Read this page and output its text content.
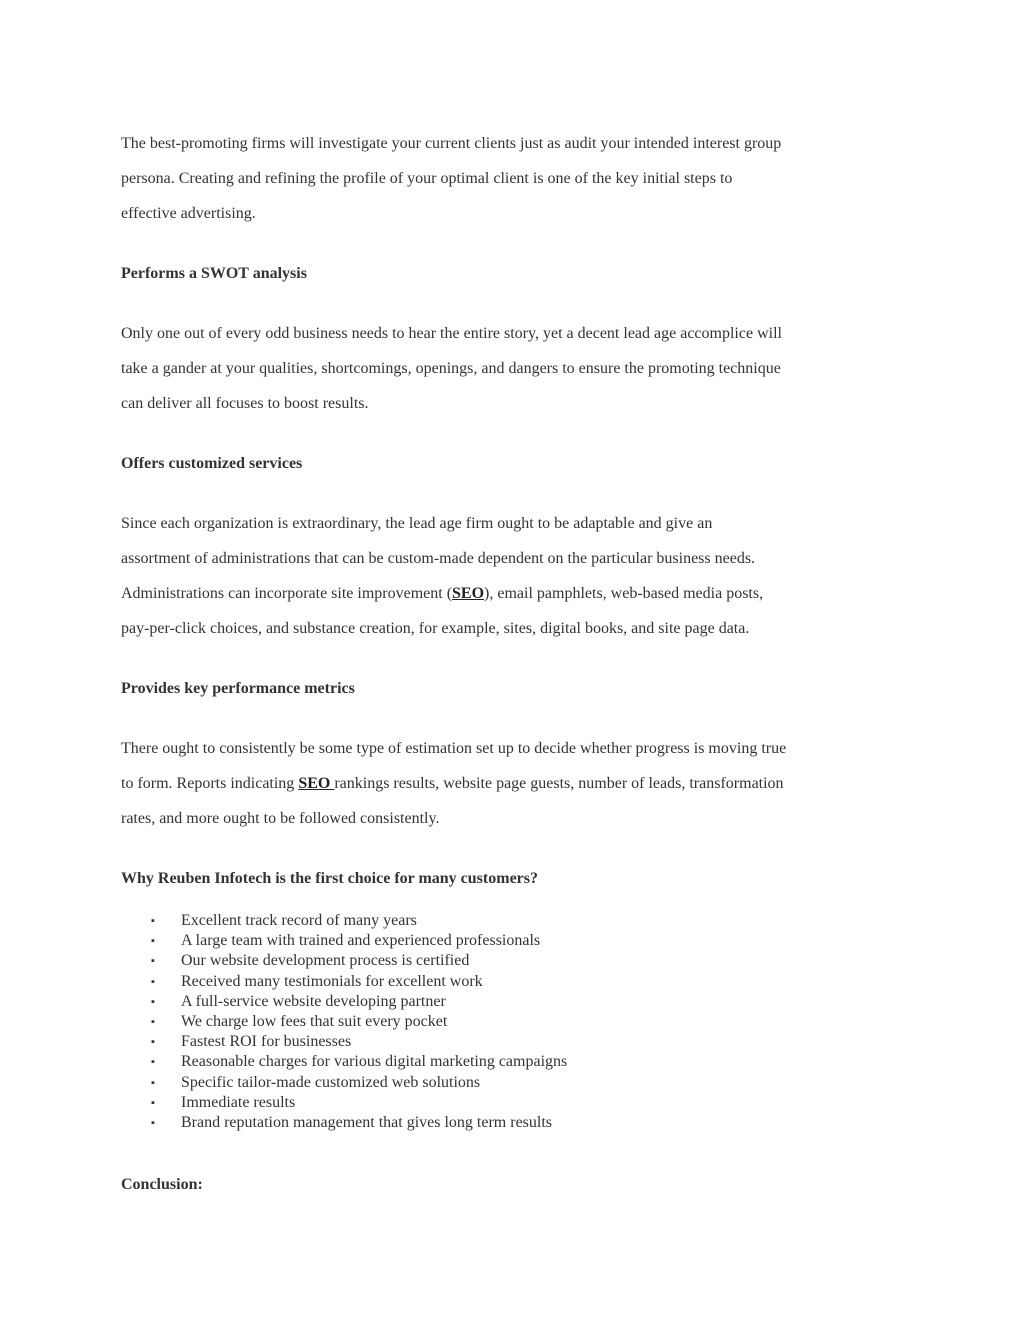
The best-promoting firms will investigate your current clients just as audit your intended interest group
persona. Creating and refining the profile of your optimal client is one of the key initial steps to
effective advertising.

Performs a SWOT analysis

Only one out of every odd business needs to hear the entire story, yet a decent lead age accomplice will
take a gander at your qualities, shortcomings, openings, and dangers to ensure the promoting technique
can deliver all focuses to boost results.

Offers customized services

Since each organization is extraordinary, the lead age firm ought to be adaptable and give an
assortment of administrations that can be custom-made dependent on the particular business needs.
Administrations can incorporate site improvement (SEO), email pamphlets, web-based media posts,
pay-per-click choices, and substance creation, for example, sites, digital books, and site page data.

Provides key performance metrics

There ought to consistently be some type of estimation set up to decide whether progress is moving true
to form. Reports indicating SEO rankings results, website page guests, number of leads, transformation
rates, and more ought to be followed consistently.

Why Reuben Infotech is the first choice for many customers?
▪ Excellent track record of many years
▪ A large team with trained and experienced professionals
▪ Our website development process is certified
▪ Received many testimonials for excellent work
▪ A full-service website developing partner
▪ We charge low fees that suit every pocket
▪ Fastest ROI for businesses
▪ Reasonable charges for various digital marketing campaigns
▪ Specific tailor-made customized web solutions
▪ Immediate results
▪ Brand reputation management that gives long term results
Conclusion:
